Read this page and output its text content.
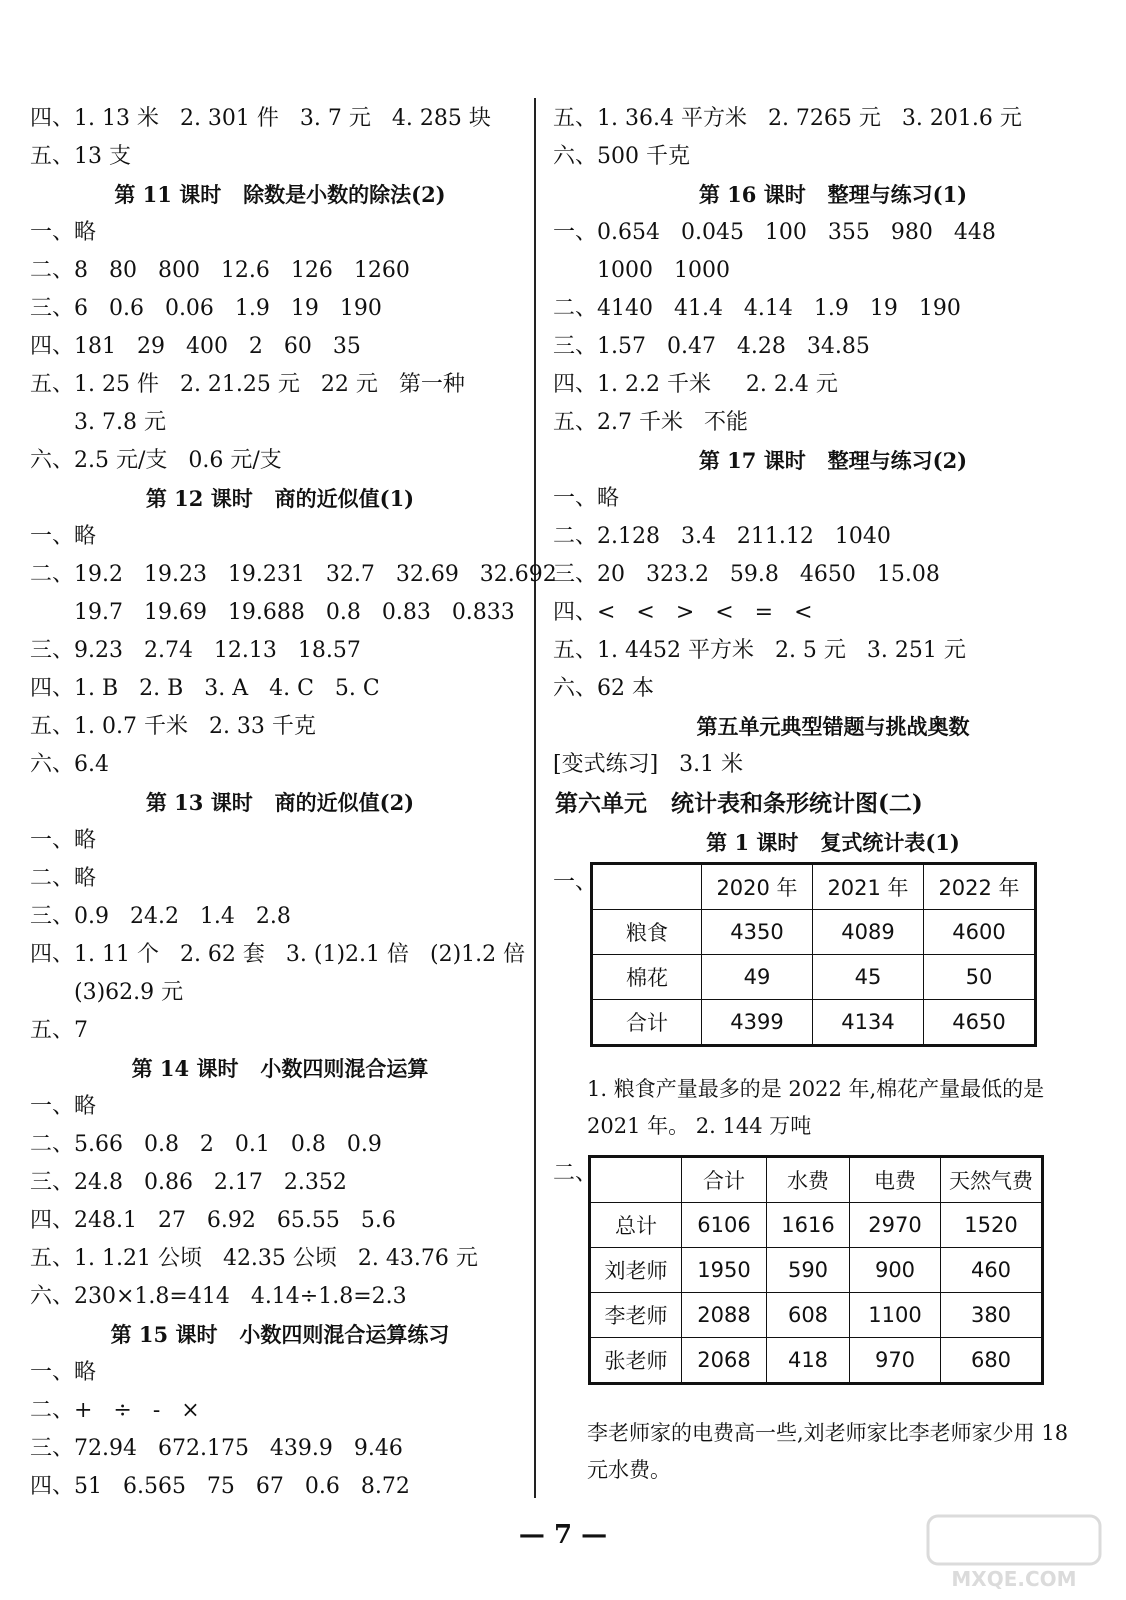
四、1. 13 米   2. 301 件   3. 7 元   4. 285 块
五、13 支
第 11 课时   除数是小数的除法(2)
一、略
二、8   80   800   12.6   126   1260
三、6   0.6   0.06   1.9   19   190
四、181   29   400   2   60   35
五、1. 25 件   2. 21.25 元   22 元   第一种
3. 7.8 元
六、2.5 元/支   0.6 元/支
第 12 课时   商的近似值(1)
一、略
二、19.2   19.23   19.231   32.7   32.69   32.692
19.7   19.69   19.688   0.8   0.83   0.833
三、9.23   2.74   12.13   18.57
四、1. B   2. B   3. A   4. C   5. C
五、1. 0.7 千米   2. 33 千克
六、6.4
第 13 课时   商的近似值(2)
一、略
二、略
三、0.9   24.2   1.4   2.8
四、1. 11 个   2. 62 套   3. (1)2.1 倍   (2)1.2 倍
(3)62.9 元
五、7
第 14 课时   小数四则混合运算
一、略
二、5.66   0.8   2   0.1   0.8   0.9
三、24.8   0.86   2.17   2.352
四、248.1   27   6.92   65.55   5.6
五、1. 1.21 公顷   42.35 公顷   2. 43.76 元
六、230×1.8=414   4.14÷1.8=2.3
第 15 课时   小数四则混合运算练习
一、略
二、+   ÷   -   ×
三、72.94   672.175   439.9   9.46
四、51   6.565   75   67   0.6   8.72
五、1. 36.4 平方米   2. 7265 元   3. 201.6 元
六、500 千克
第 16 课时   整理与练习(1)
一、0.654   0.045   100   355   980   448
1000   1000
二、4140   41.4   4.14   1.9   19   190
三、1.57   0.47   4.28   34.85
四、1. 2.2 千米     2. 2.4 元
五、2.7 千米   不能
第 17 课时   整理与练习(2)
一、略
二、2.128   3.4   211.12   1040
三、20   323.2   59.8   4650   15.08
四、<   <   >   <   =   <
五、1. 4452 平方米   2. 5 元   3. 251 元
六、62 本
第五单元典型错题与挑战奥数
[变式练习]   3.1 米
第六单元   统计表和条形统计图(二)
第 1 课时   复式统计表(1)
一、
		2020 年	2021 年	2022 年
粮食	4350	4089	4600
棉花	49	45	50
合计	4399	4134	4650
1. 粮食产量最多的是 2022 年,棉花产量最低的是 2021 年。 2. 144 万吨
二、
		合计	水费	电费	天然气费
总计	6106	1616	2970	1520
刘老师	1950	590	900	460
李老师	2088	608	1100	380
张老师	2068	418	970	680
李老师家的电费高一些,刘老师家比李老师家少用 18 元水费。
— 7 —
MXQE.COM
